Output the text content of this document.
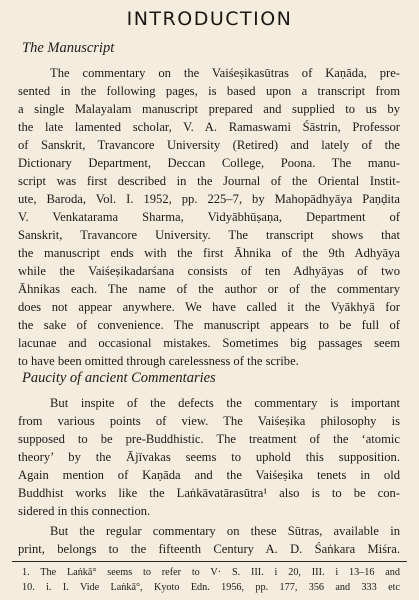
INTRODUCTION
The Manuscript
The commentary on the Vaiśeṣikasūtras of Kaṇāda, pre-
sented in the following pages, is based upon a transcript from
a single Malayalam manuscript prepared and supplied to us by
the late lamented scholar, V. A. Ramaswami Śāstrin, Professor
of Sanskrit, Travancore University (Retired) and lately of the
Dictionary Department, Deccan College, Poona. The manu-
script was first described in the Journal of the Oriental Instit-
ute, Baroda, Vol. I. 1952, pp. 225–7, by Mahopādhyāya Paṇḍita
V. Venkatarama Sharma, Vidyābhūṣaṇa, Department of
Sanskrit, Travancore University. The transcript shows that
the manuscript ends with the first Āhnika of the 9th Adhyāya
while the Vaiśeṣikadarśana consists of ten Adhyāyas of two
Āhnikas each. The name of the author or of the commentary
does not appear anywhere. We have called it the Vyākhyā for
the sake of convenience. The manuscript appears to be full of
lacunae and occasional mistakes. Sometimes big passages seem
to have been omitted through carelessness of the scribe.
Paucity of ancient Commentaries
But inspite of the defects the commentary is important
from various points of view. The Vaiśeṣika philosophy is
supposed to be pre-Buddhistic. The treatment of the ‘atomic
theory’ by the Ājīvakas seems to uphold this supposition.
Again mention of Kaṇāda and the Vaiśeṣika tenets in old
Buddhist works like the Laṅkāvatārasūtra¹ also is to be con-
sidered in this connection.
But the regular commentary on these Sūtras, available in
print, belongs to the fifteenth Century A. D. Śaṅkara Miśra.
1. The Laṅkā° seems to refer to V· S. III. i 20, III. i 13–16 and
10. i. I. Vide Laṅkā°, Kyoto Edn. 1956, pp. 177, 356 and 333 etc
